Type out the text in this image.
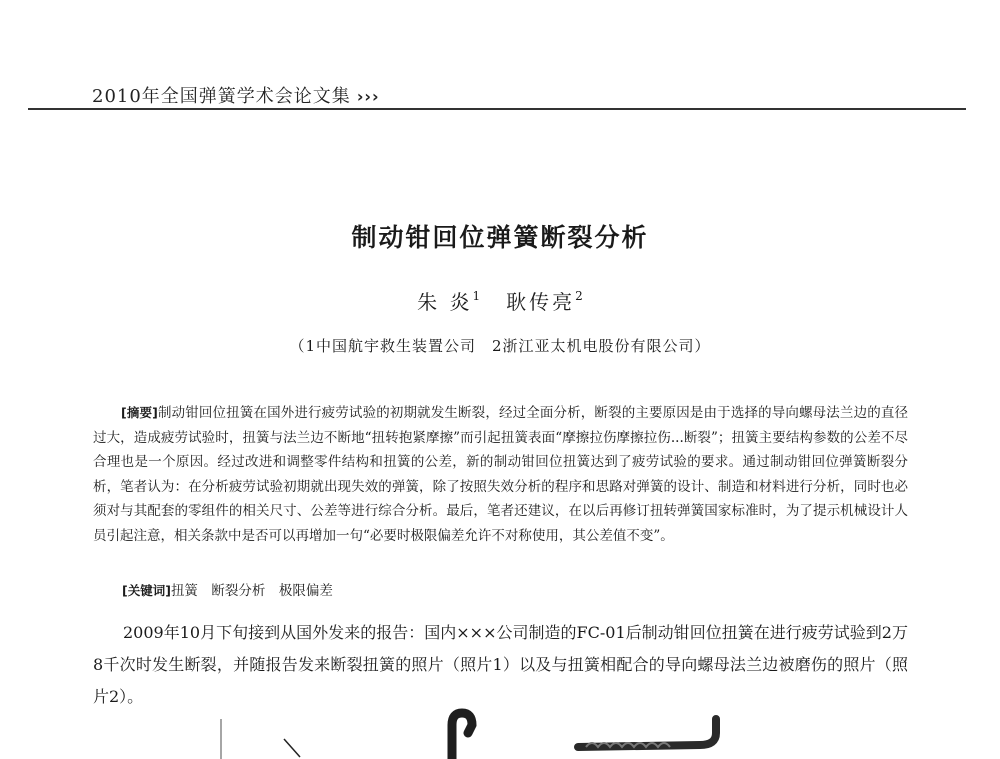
2010年全国弹簧学术会论文集 ›››
制动钳回位弹簧断裂分析
朱 炎$^1$ 耿传亮$^2$
（1中国航宇救生装置公司　2浙江亚太机电股份有限公司）
[摘要]制动钳回位扭簧在国外进行疲劳试验的初期就发生断裂，经过全面分析，断裂的主要原因是由于选择的导向螺母法兰边的直径过大，造成疲劳试验时，扭簧与法兰边不断地“扭转抱紧摩擦”而引起扭簧表面“摩擦拉伤摩擦拉伤...断裂”；扭簧主要结构参数的公差不尽合理也是一个原因。经过改进和调整零件结构和扭簧的公差，新的制动钳回位扭簧达到了疲劳试验的要求。通过制动钳回位弹簧断裂分析，笔者认为：在分析疲劳试验初期就出现失效的弹簧，除了按照失效分析的程序和思路对弹簧的设计、制造和材料进行分析，同时也必须对与其配套的零组件的相关尺寸、公差等进行综合分析。最后，笔者还建议，在以后再修订扭转弹簧国家标准时，为了提示机械设计人员引起注意，相关条款中是否可以再增加一句“必要时极限偏差允许不对称使用，其公差值不变”。
[关键词]扭簧　断裂分析　极限偏差
2009年10月下旬接到从国外发来的报告：国内×××公司制造的FC-01后制动钳回位扭簧在进行疲劳试验到2万8千次时发生断裂，并随报告发来断裂扭簧的照片（照片1）以及与扭簧相配合的导向螺母法兰边被磨伤的照片（照片2）。
